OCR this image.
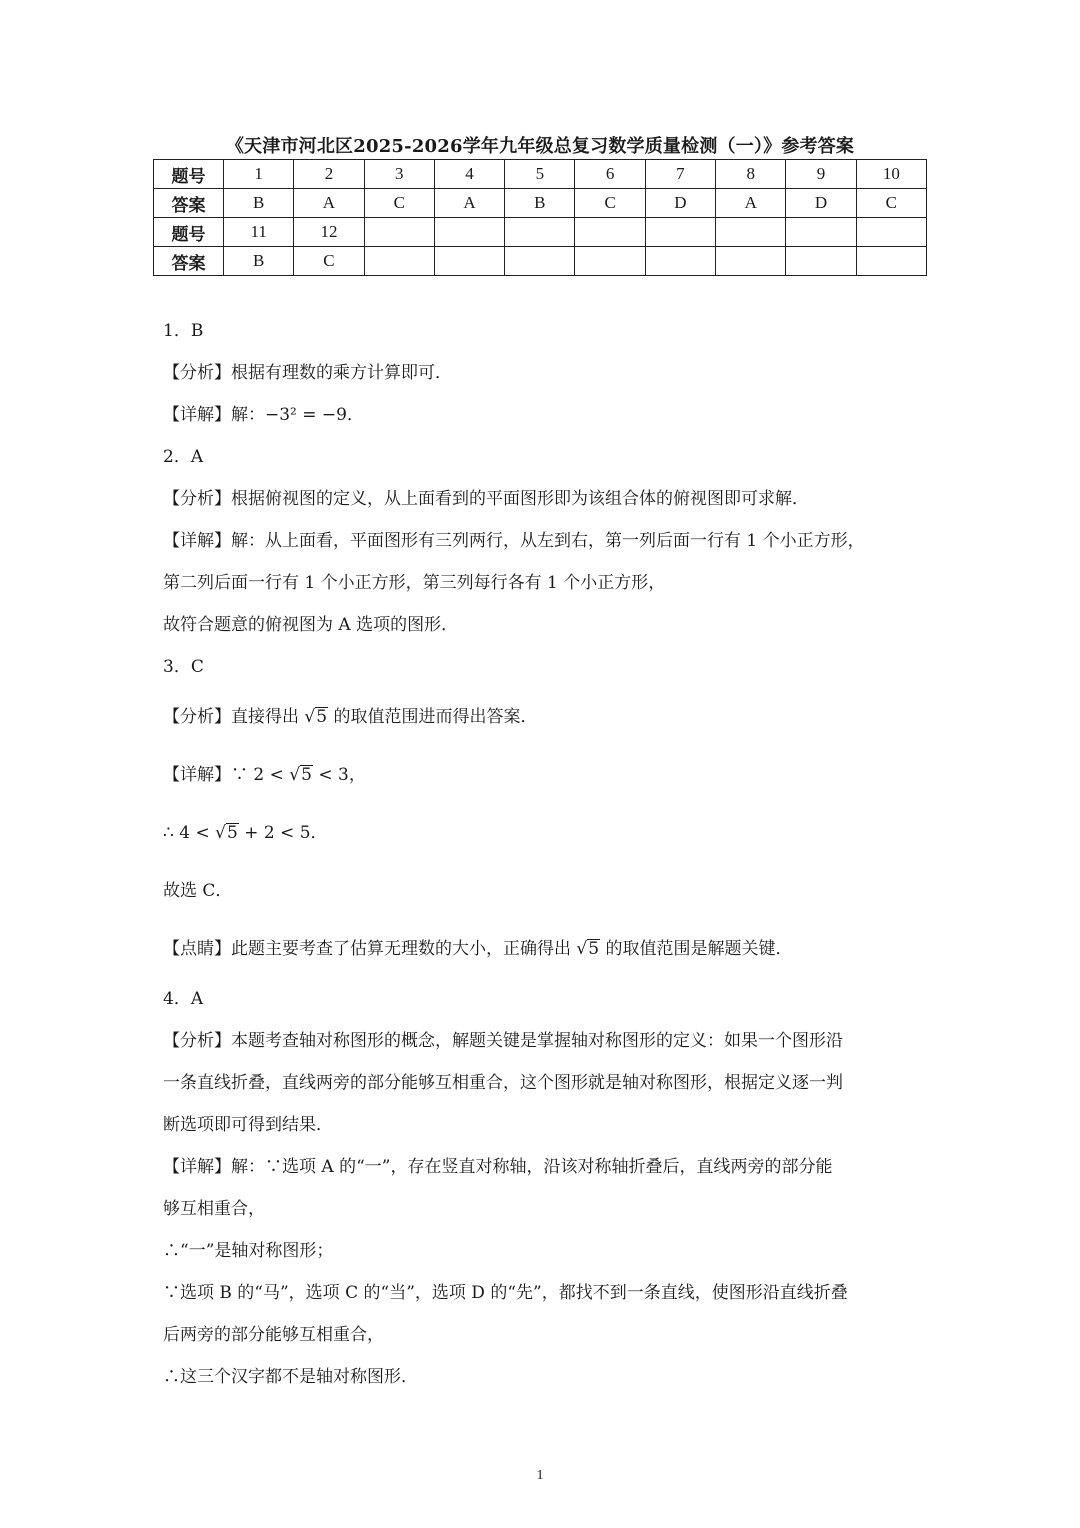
《天津市河北区2025-2026学年九年级总复习数学质量检测（一）》参考答案
题号	1	2	3	4	5	6	7	8	9	10
答案	B	A	C	A	B	C	D	A	D	C
题号	11	12								
答案	B	C								

1．B

【分析】根据有理数的乘方计算即可．

【详解】解：−3² = −9．

2．A

【分析】根据俯视图的定义，从上面看到的平面图形即为该组合体的俯视图即可求解．

【详解】解：从上面看，平面图形有三列两行，从左到右，第一列后面一行有 1 个小正方形，

第二列后面一行有 1 个小正方形，第三列每行各有 1 个小正方形，

故符合题意的俯视图为 A 选项的图形．

3．C

【分析】直接得出 √5 的取值范围进而得出答案．

【详解】∵ 2 < √5 < 3，

∴ 4 < √5 + 2 < 5．

故选 C．

【点睛】此题主要考查了估算无理数的大小，正确得出 √5 的取值范围是解题关键．

4．A

【分析】本题考查轴对称图形的概念，解题关键是掌握轴对称图形的定义：如果一个图形沿

一条直线折叠，直线两旁的部分能够互相重合，这个图形就是轴对称图形，根据定义逐一判

断选项即可得到结果．

【详解】解：∵选项 A 的“一”，存在竖直对称轴，沿该对称轴折叠后，直线两旁的部分能

够互相重合，

∴“一”是轴对称图形；

∵选项 B 的“马”，选项 C 的“当”，选项 D 的“先”，都找不到一条直线，使图形沿直线折叠

后两旁的部分能够互相重合，

∴这三个汉字都不是轴对称图形．

1
